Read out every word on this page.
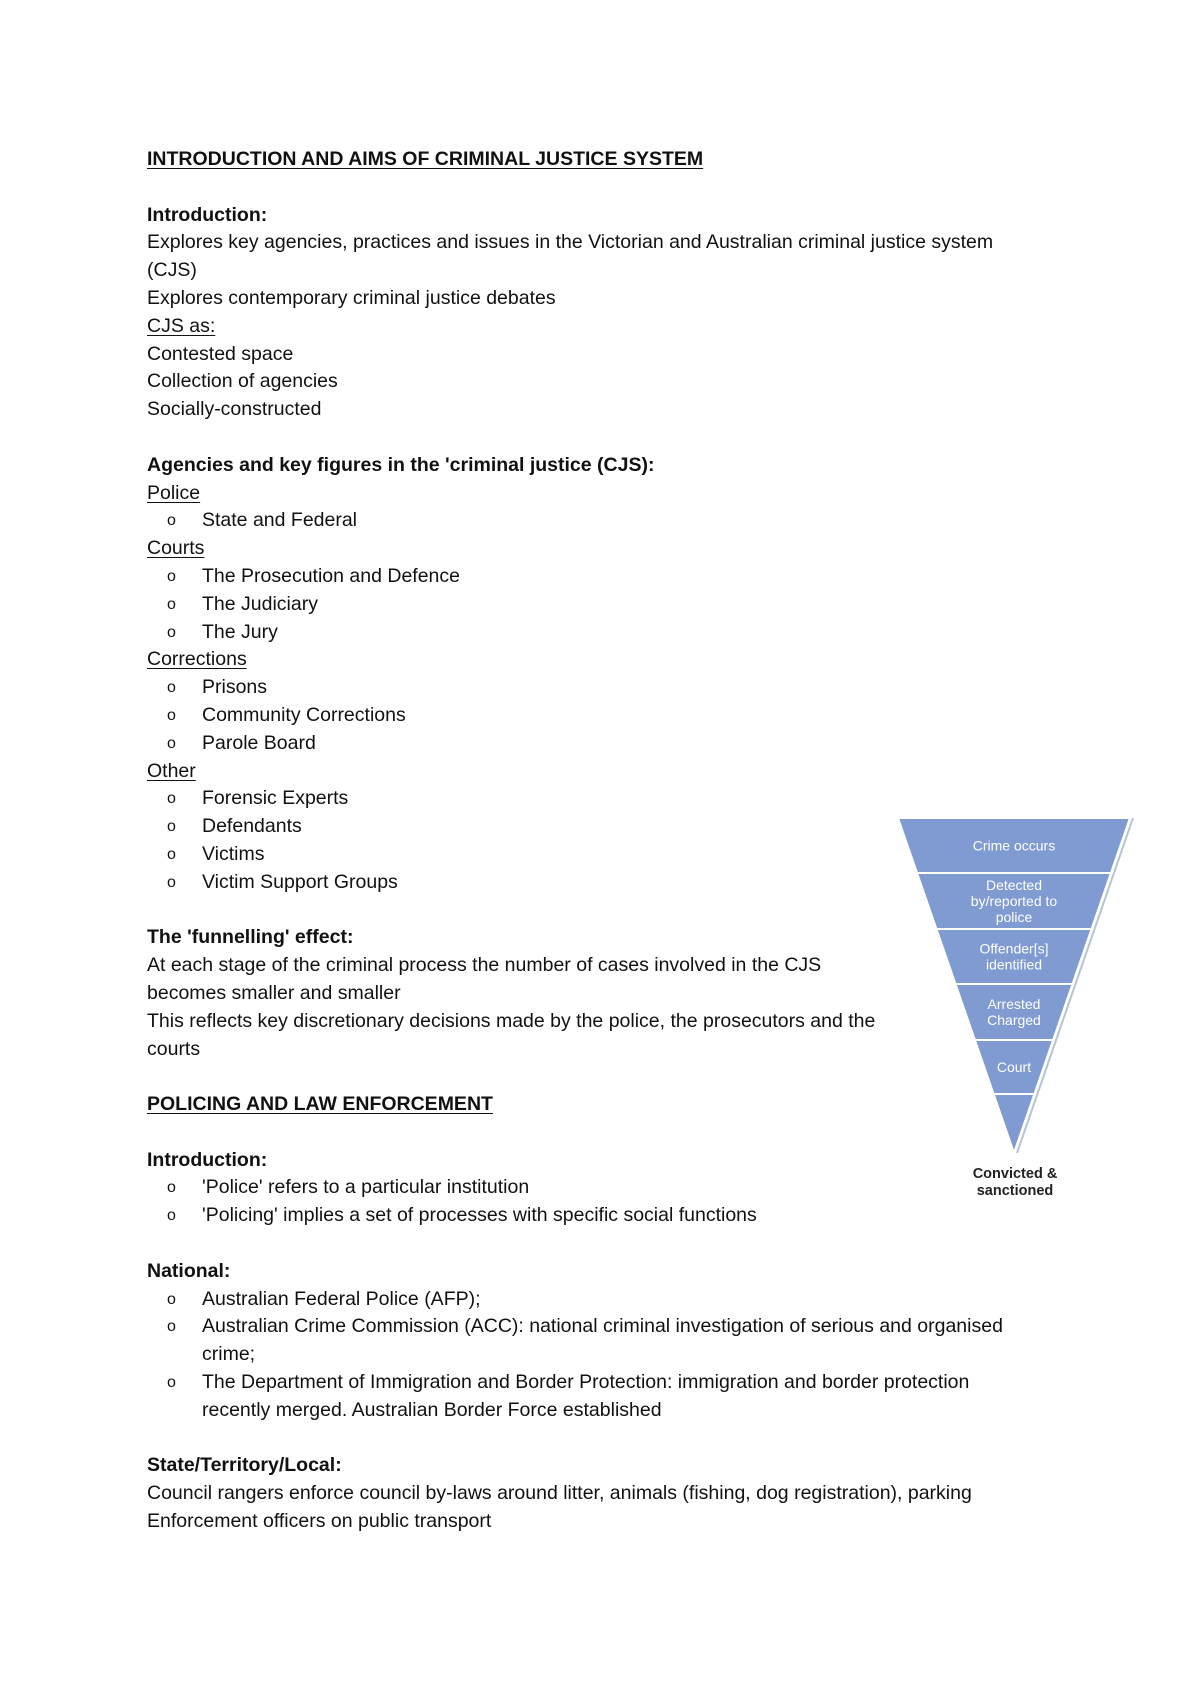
INTRODUCTION AND AIMS OF CRIMINAL JUSTICE SYSTEM
Introduction:
Explores key agencies, practices and issues in the Victorian and Australian criminal justice system (CJS)
Explores contemporary criminal justice debates
CJS as:
Contested space
Collection of agencies
Socially-constructed
Agencies and key figures in the 'criminal justice (CJS):
Police
o State and Federal
Courts
o The Prosecution and Defence
o The Judiciary
o The Jury
Corrections
o Prisons
o Community Corrections
o Parole Board
Other
o Forensic Experts
o Defendants
o Victims
o Victim Support Groups
The 'funnelling' effect:
At each stage of the criminal process the number of cases involved in the CJS becomes smaller and smaller
This reflects key discretionary decisions made by the police, the prosecutors and the courts
POLICING AND LAW ENFORCEMENT
Introduction:
o 'Police' refers to a particular institution
o 'Policing' implies a set of processes with specific social functions
National:
o Australian Federal Police (AFP);
o Australian Crime Commission (ACC): national criminal investigation of serious and organised crime;
o The Department of Immigration and Border Protection: immigration and border protection recently merged. Australian Border Force established
State/Territory/Local:
Council rangers enforce council by-laws around litter, animals (fishing, dog registration), parking
Enforcement officers on public transport
Crime occurs
Detected by/reported to police
Offender[s] identified
Arrested Charged
Court
Convicted & sanctioned
